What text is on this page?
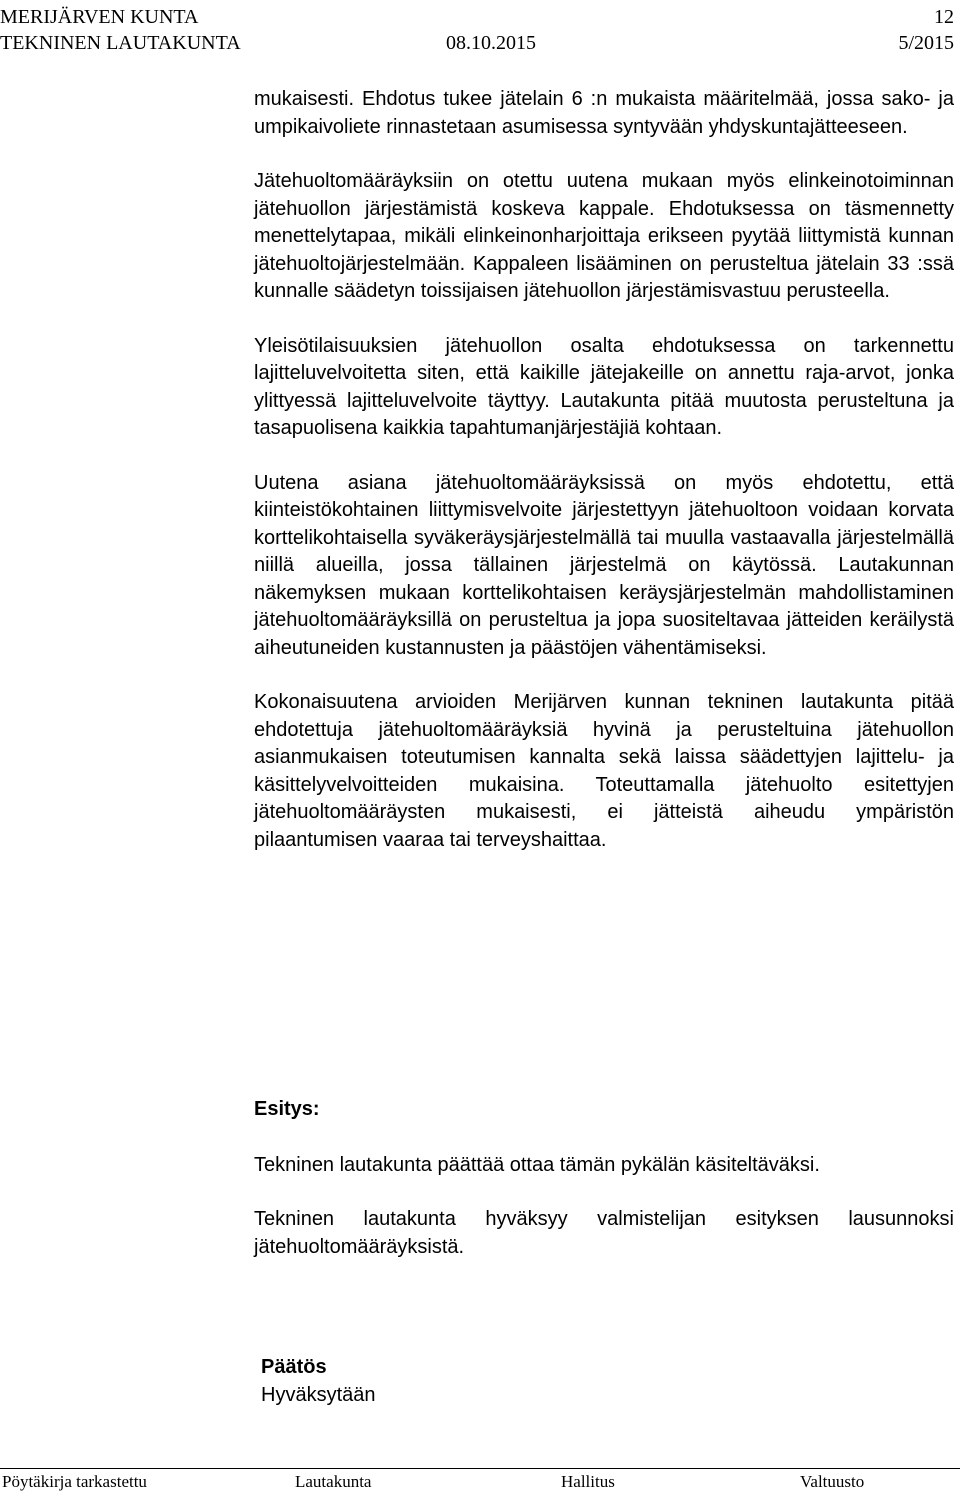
MERIJÄRVEN KUNTA	12
TEKNINEN LAUTAKUNTA	08.10.2015	5/2015

mukaisesti. Ehdotus tukee jätelain 6 :n mukaista määritelmää, jossa sako- ja umpikaivoliete rinnastetaan asumisessa syntyvään yhdyskuntajätteeseen.

Jätehuoltomääräyksiin on otettu uutena mukaan myös elinkeinotoiminnan jätehuollon järjestämistä koskeva kappale. Ehdotuksessa on täsmennetty menettelytapaa, mikäli elinkeinonharjoittaja erikseen pyytää liittymistä kunnan jätehuoltojärjestelmään. Kappaleen lisääminen on perusteltua jätelain 33 :ssä kunnalle säädetyn toissijaisen jätehuollon järjestämisvastuu perusteella.

Yleisötilaisuuksien jätehuollon osalta ehdotuksessa on tarkennettu lajitteluvelvoitetta siten, että kaikille jätejakeille on annettu raja-arvot, jonka ylittyessä lajitteluvelvoite täyttyy. Lautakunta pitää muutosta perusteltuna ja tasapuolisena kaikkia tapahtumanjärjestäjiä kohtaan.

Uutena asiana jätehuoltomääräyksissä on myös ehdotettu, että kiinteistökohtainen liittymisvelvoite järjestettyyn jätehuoltoon voidaan korvata korttelikohtaisella syväkeräysjärjestelmällä tai muulla vastaavalla järjestelmällä niillä alueilla, jossa tällainen järjestelmä on käytössä. Lautakunnan näkemyksen mukaan korttelikohtaisen keräysjärjestelmän mahdollistaminen jätehuoltomääräyksillä on perusteltua ja jopa suositeltavaa jätteiden keräilystä aiheutuneiden kustannusten ja päästöjen vähentämiseksi.

Kokonaisuutena arvioiden Merijärven kunnan tekninen lautakunta pitää ehdotettuja jätehuoltomääräyksiä hyvinä ja perusteltuina jätehuollon asianmukaisen toteutumisen kannalta sekä laissa säädettyjen lajittelu- ja käsittelyvelvoitteiden mukaisina. Toteuttamalla jätehuolto esitettyjen jätehuoltomääräysten mukaisesti, ei jätteistä aiheudu ympäristön pilaantumisen vaaraa tai terveyshaittaa.

Esitys:

Tekninen lautakunta päättää ottaa tämän pykälän käsiteltäväksi.

Tekninen lautakunta hyväksyy valmistelijan esityksen lausunnoksi jätehuoltomääräyksistä.

Päätös

Hyväksytään

Pöytäkirja tarkastettu	Lautakunta	Hallitus	Valtuusto
